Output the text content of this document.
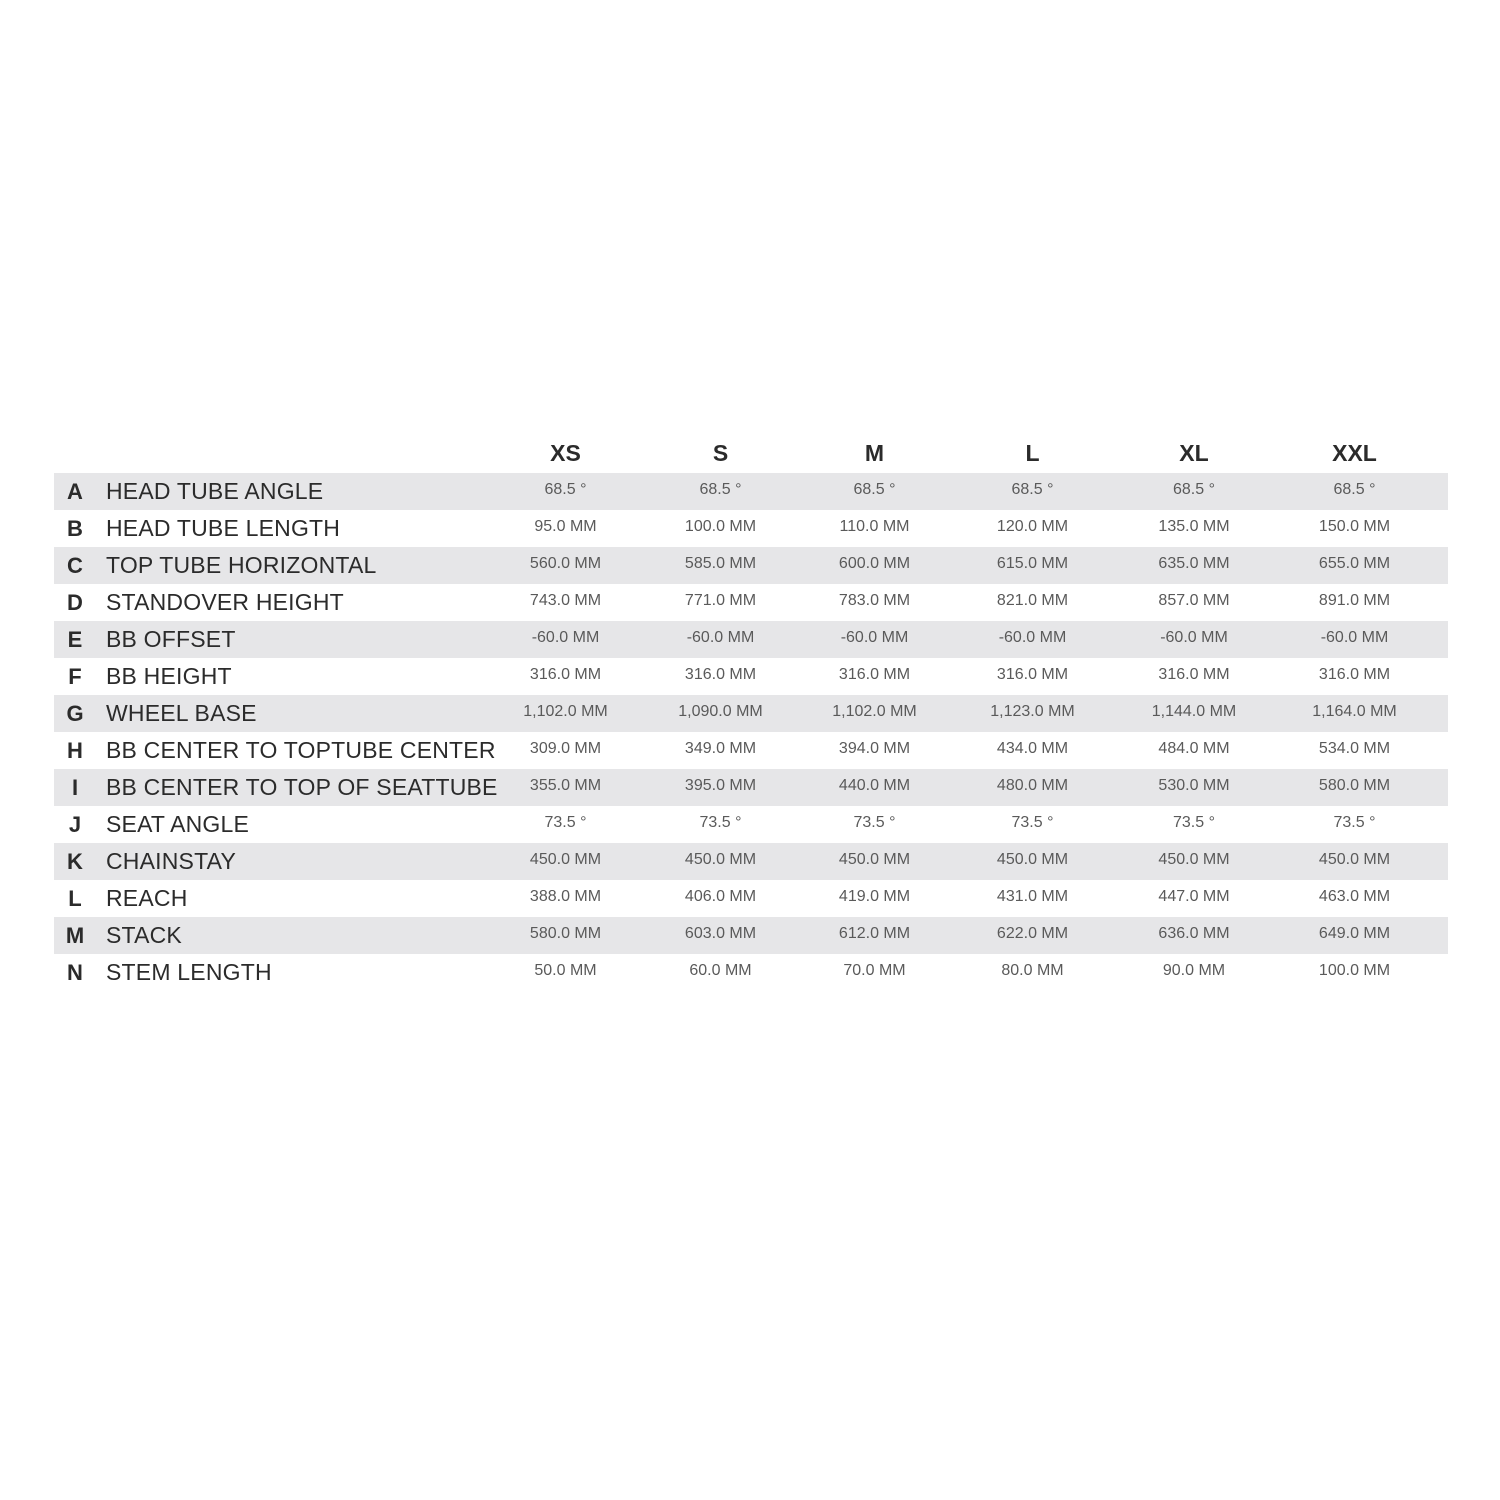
XS	S	M	L	XL	XXL
A	HEAD TUBE ANGLE	68.5 °	68.5 °	68.5 °	68.5 °	68.5 °	68.5 °
B	HEAD TUBE LENGTH	95.0 MM	100.0 MM	110.0 MM	120.0 MM	135.0 MM	150.0 MM
C	TOP TUBE HORIZONTAL	560.0 MM	585.0 MM	600.0 MM	615.0 MM	635.0 MM	655.0 MM
D	STANDOVER HEIGHT	743.0 MM	771.0 MM	783.0 MM	821.0 MM	857.0 MM	891.0 MM
E	BB OFFSET	-60.0 MM	-60.0 MM	-60.0 MM	-60.0 MM	-60.0 MM	-60.0 MM
F	BB HEIGHT	316.0 MM	316.0 MM	316.0 MM	316.0 MM	316.0 MM	316.0 MM
G WHEEL BASE	1,102.0 MM	1,090.0 MM	1,102.0 MM	1,123.0 MM	1,144.0 MM	1,164.0 MM
H	BB CENTER TO TOPTUBE CENTER	309.0 MM	349.0 MM	394.0 MM	434.0 MM	484.0 MM	534.0 MM
I	BB CENTER TO TOP OF SEATTUBE	355.0 MM	395.0 MM	440.0 MM	480.0 MM	530.0 MM	580.0 MM
J	SEAT ANGLE	73.5 °	73.5 °	73.5 °	73.5 °	73.5 °	73.5 °
K	CHAINSTAY	450.0 MM	450.0 MM	450.0 MM	450.0 MM	450.0 MM	450.0 MM
L	REACH	388.0 MM	406.0 MM	419.0 MM	431.0 MM	447.0 MM	463.0 MM
M STACK	580.0 MM	603.0 MM	612.0 MM	622.0 MM	636.0 MM	649.0 MM
N	STEM LENGTH	50.0 MM	60.0 MM	70.0 MM	80.0 MM	90.0 MM	100.0 MM
